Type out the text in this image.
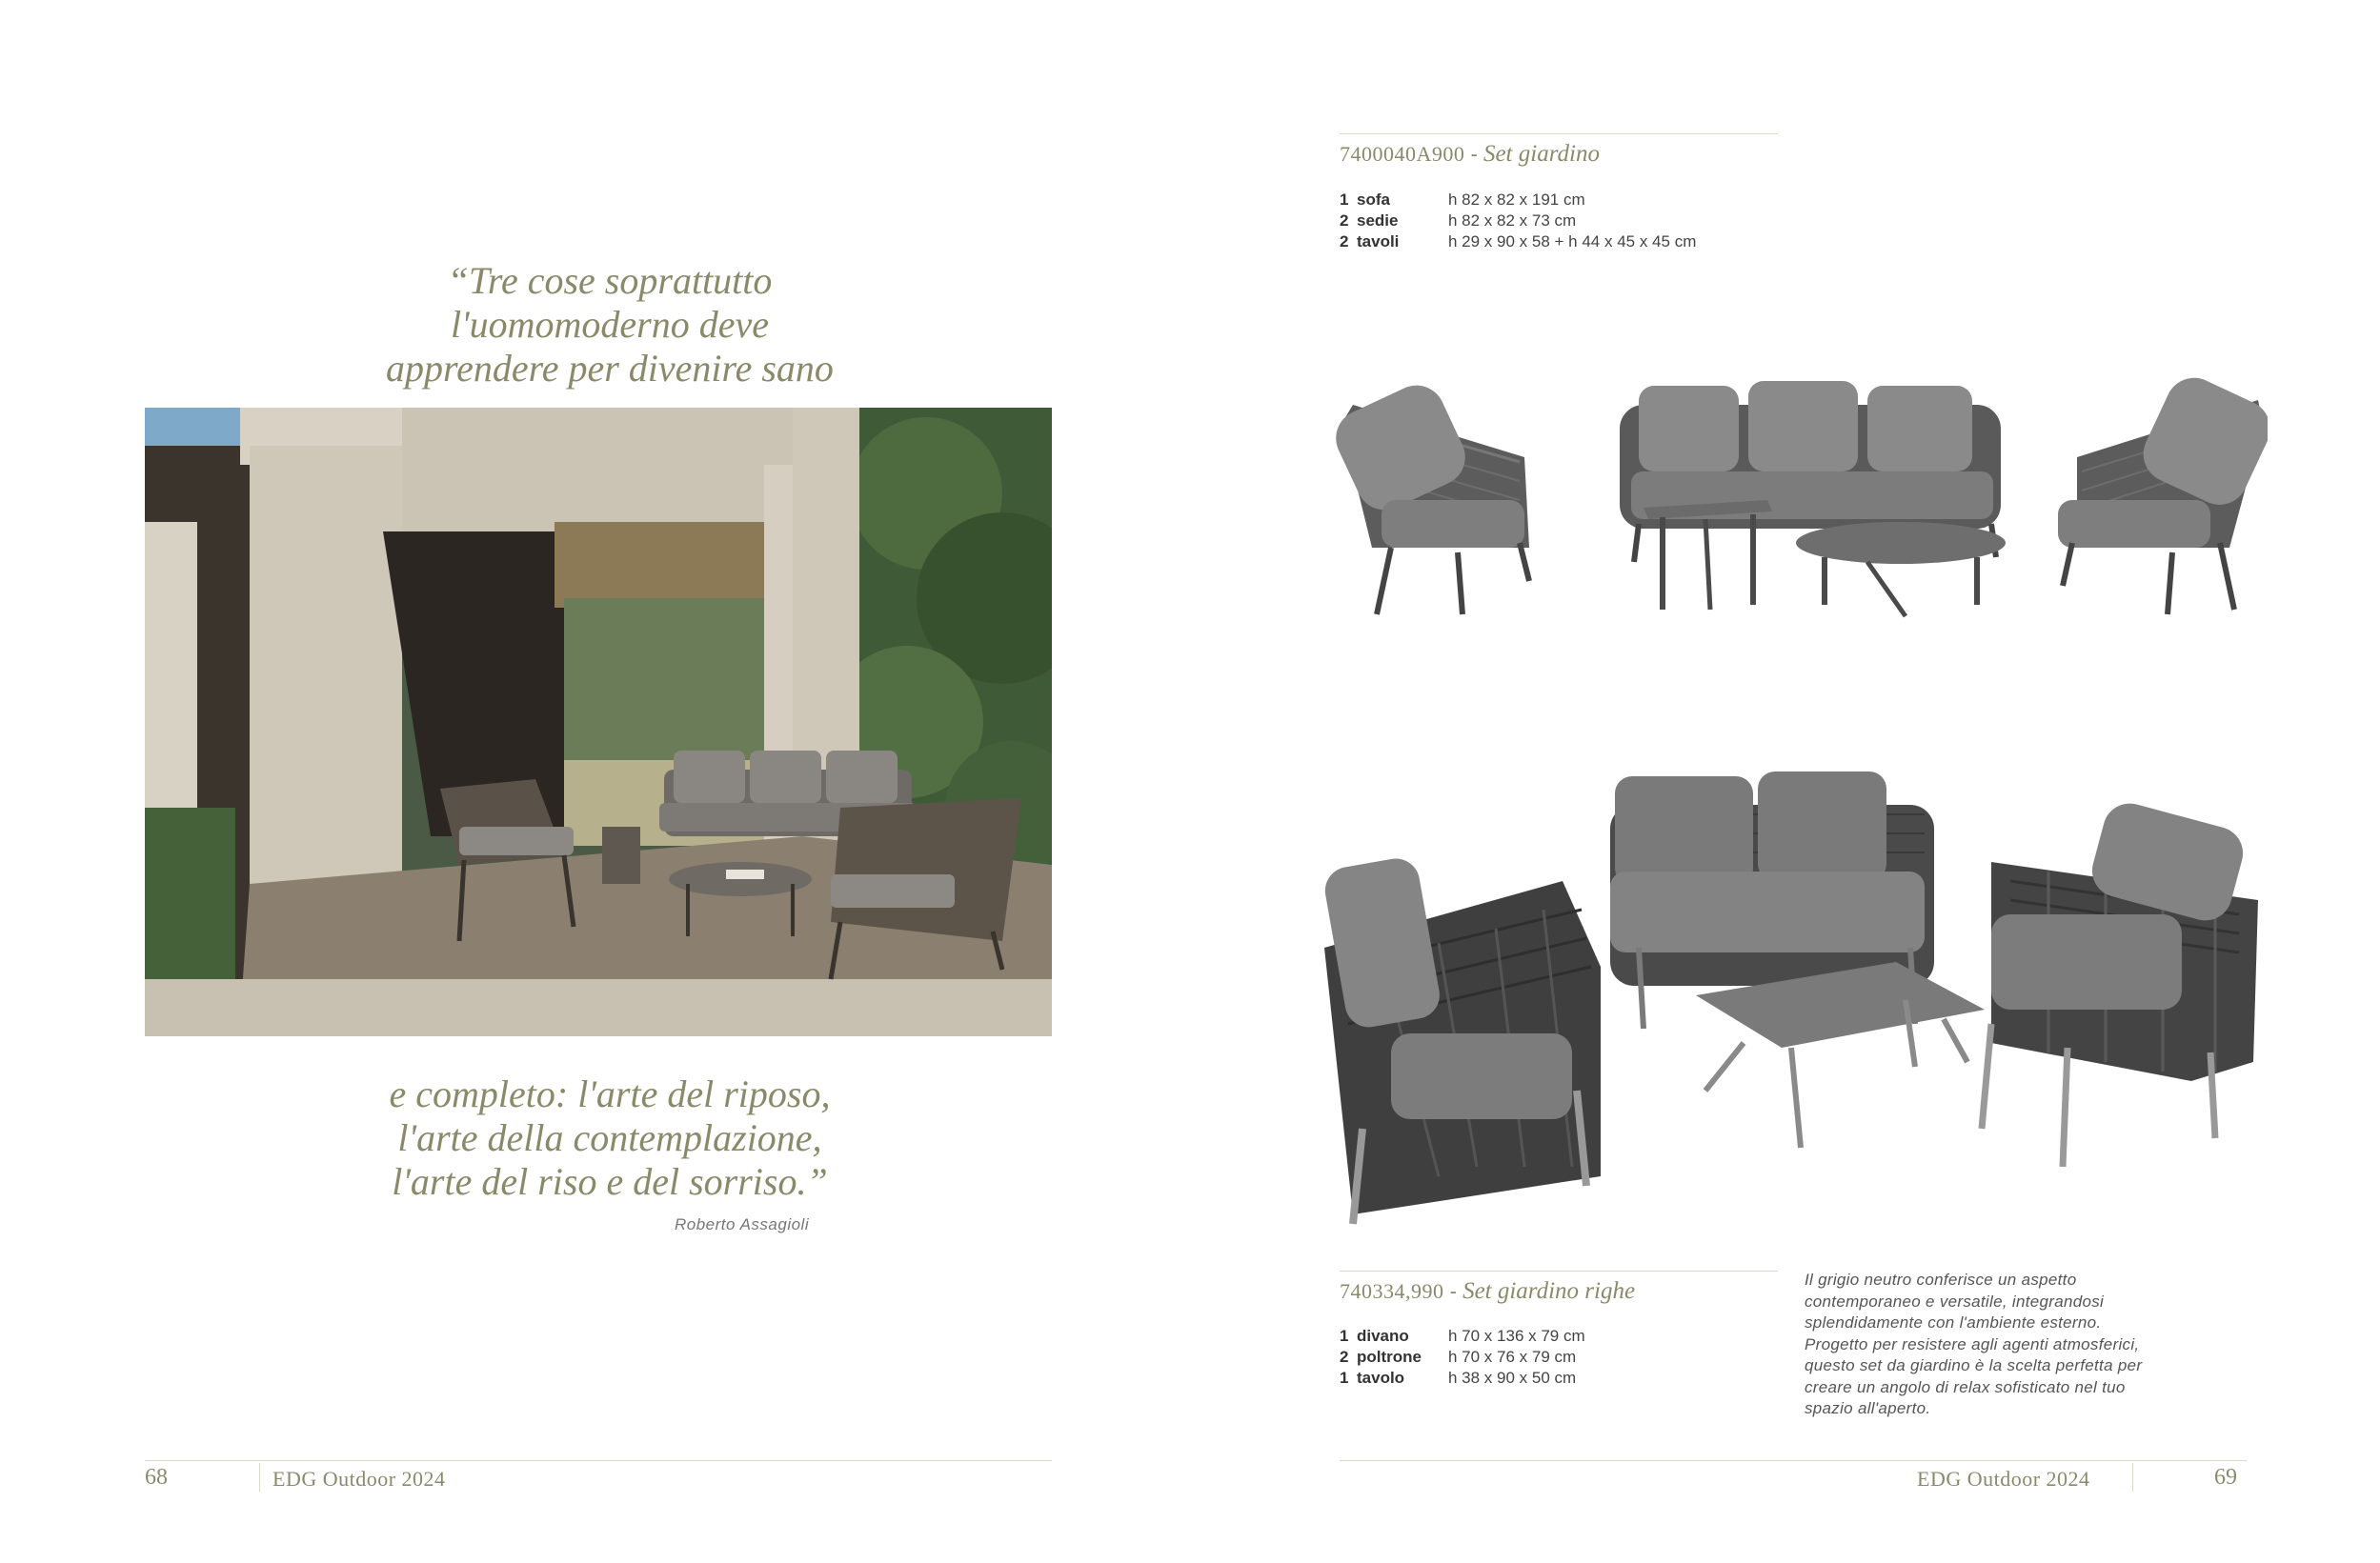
“Tre cose soprattutto
l'uomomoderno deve
apprendere per divenire sano
e completo: l'arte del riposo,
l'arte della contemplazione,
l'arte del riso e del sorriso.”
Roberto Assagioli
68	EDG Outdoor 2024
7400040A900 - Set giardino
1 sofa	h 82 x 82 x 191 cm
2 sedie	h 82 x 82 x 73 cm
2 tavoli	h 29 x 90 x 58 + h 44 x 45 x 45 cm
740334,990 - Set giardino righe
1 divano h 70 x 136 x 79 cm
2 poltrone h 70 x 76 x 79 cm
1 tavolo	h 38 x 90 x 50 cm
Il grigio neutro conferisce un aspetto
contemporaneo e versatile, integrandosi
splendidamente con l'ambiente esterno.
Progetto per resistere agli agenti atmosferici,
questo set da giardino è la scelta perfetta per
creare un angolo di relax sofisticato nel tuo
spazio all'aperto.
EDG Outdoor 2024	69
